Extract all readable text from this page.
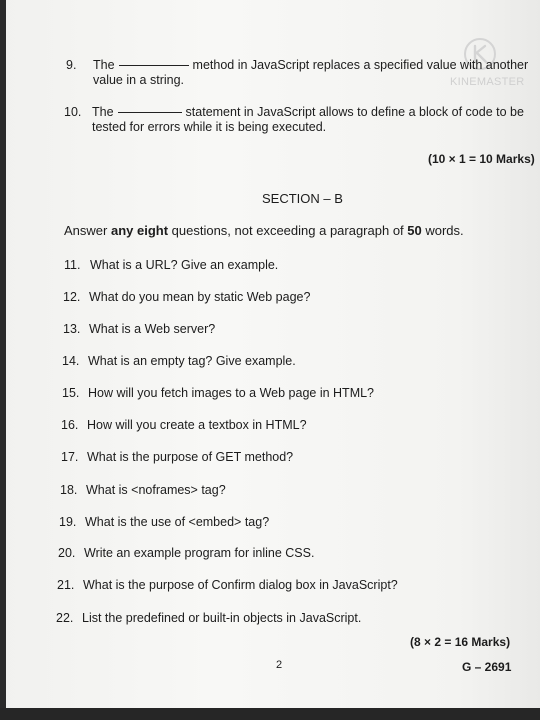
KINEMASTER
9. The	method in JavaScript replaces a specified value with another
value in a string.
10. The	statement in JavaScript allows to define a block of code to be
tested for errors while it is being executed.
(10 × 1 = 10 Marks)
SECTION – B
Answer any eight questions, not exceeding a paragraph of 50 words.
11. What is a URL? Give an example.
12. What do you mean by static Web page?
13. What is a Web server?
14. What is an empty tag? Give example.
15. How will you fetch images to a Web page in HTML?
16. How will you create a textbox in HTML?
17. What is the purpose of GET method?
18. What is <noframes> tag?
19. What is the use of <embed> tag?
20. Write an example program for inline CSS.
21. What is the purpose of Confirm dialog box in JavaScript?
22. List the predefined or built-in objects in JavaScript.
(8 × 2 = 16 Marks)
2	G – 2691
